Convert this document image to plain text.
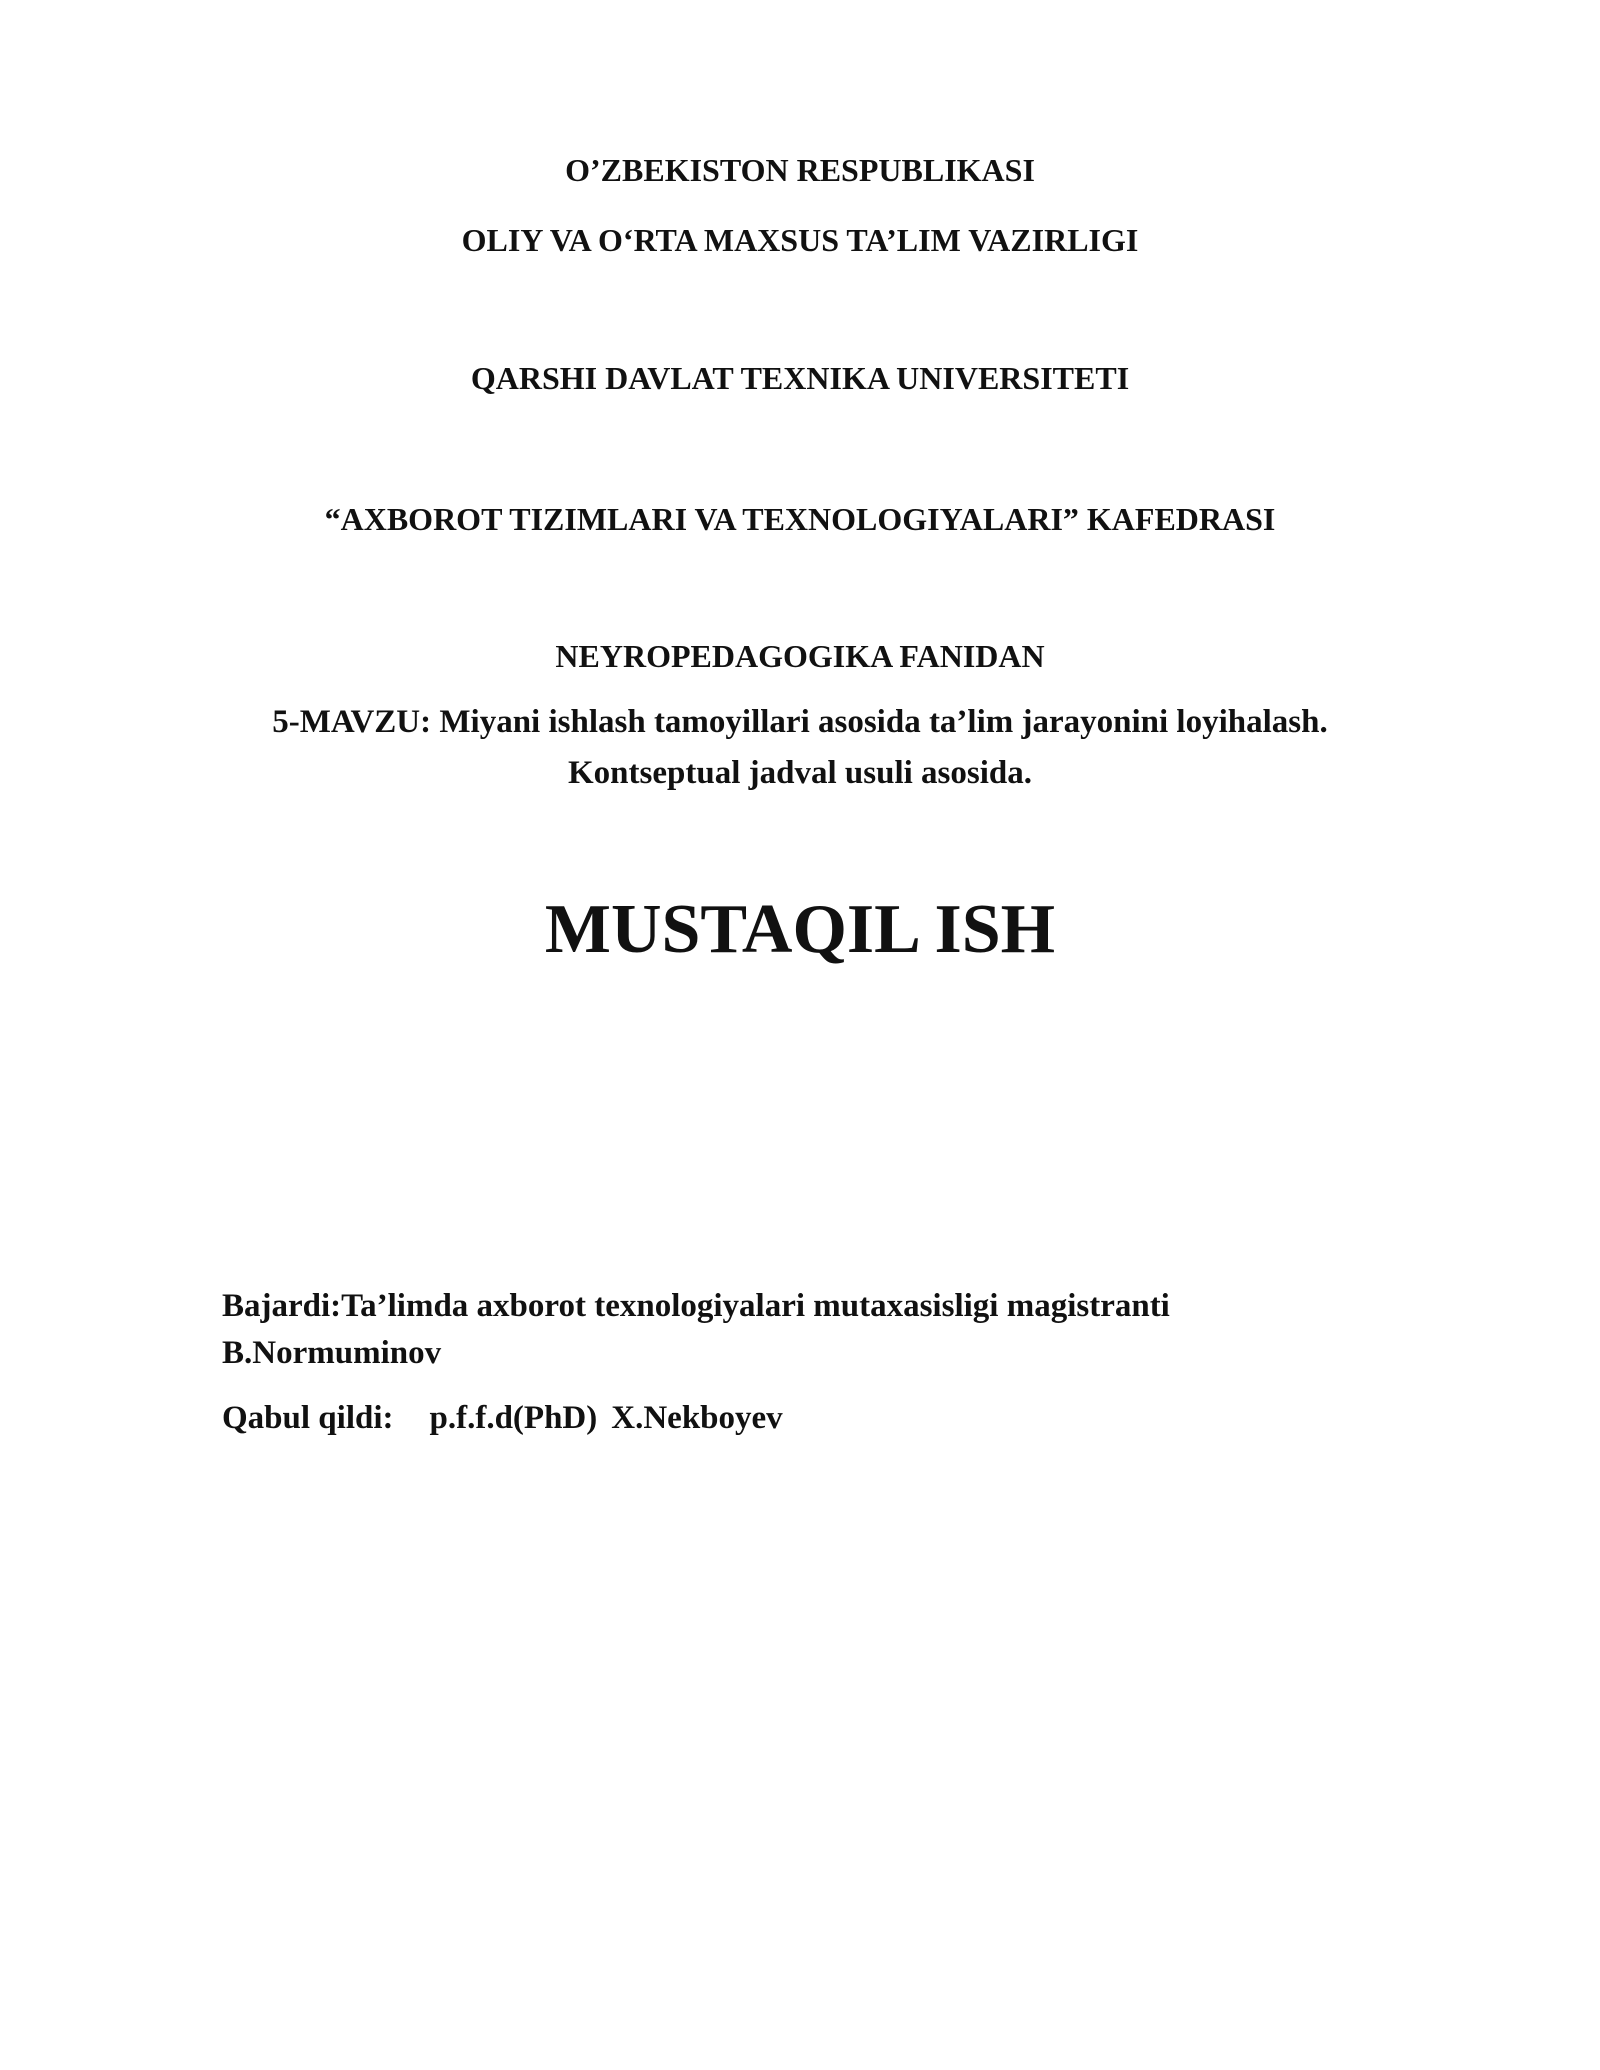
O’ZBEKISTON RESPUBLIKASI
OLIY VA O‘RTA MAXSUS TA’LIM VAZIRLIGI
QARSHI DAVLAT TEXNIKA UNIVERSITETI
“AXBOROT TIZIMLARI VA TEXNOLOGIYALARI” KAFEDRASI
NEYROPEDAGOGIKA FANIDAN
5-MAVZU: Miyani ishlash tamoyillari asosida ta’lim jarayonini loyihalash.
Kontseptual jadval usuli asosida.
MUSTAQIL ISH
Bajardi:Ta’limda axborot texnologiyalari mutaxasisligi magistranti
B.Normuminov
Qabul qildi: p.f.f.d(PhD) X.Nekboyev
